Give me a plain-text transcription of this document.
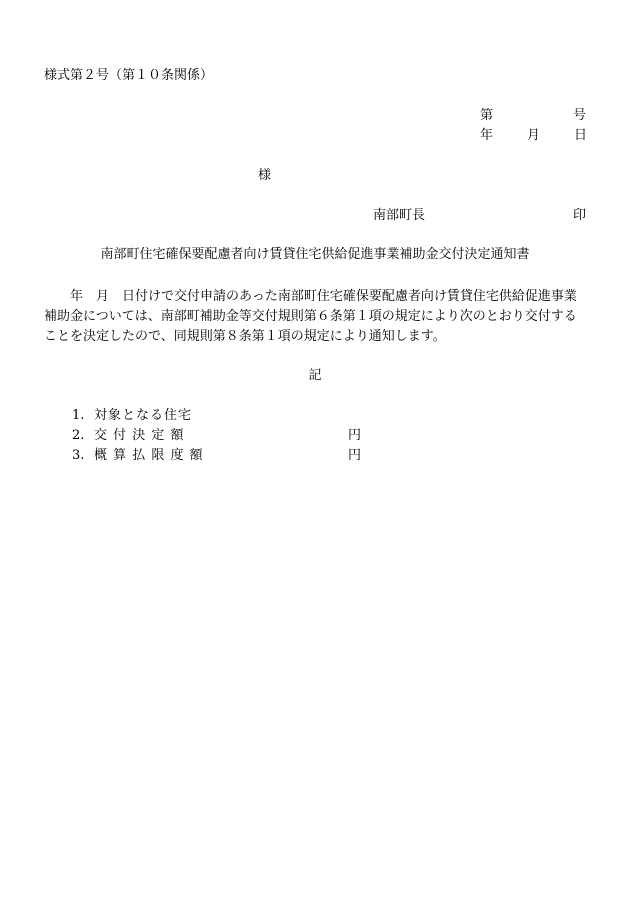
様式第２号（第１０条関係）
第	号
年	月	日
様
南部町長	印
南部町住宅確保要配慮者向け賃貸住宅供給促進事業補助金交付決定通知書

　　年　月　日付けで交付申請のあった南部町住宅確保要配慮者向け賃貸住宅供給促進事業補助金については、南部町補助金等交付規則第６条第１項の規定により次のとおり交付することを決定したので、同規則第８条第１項の規定により通知します。

記
1. 対象となる住宅
2. 交 付 決 定 額	円
3. 概 算 払 限 度 額	円
